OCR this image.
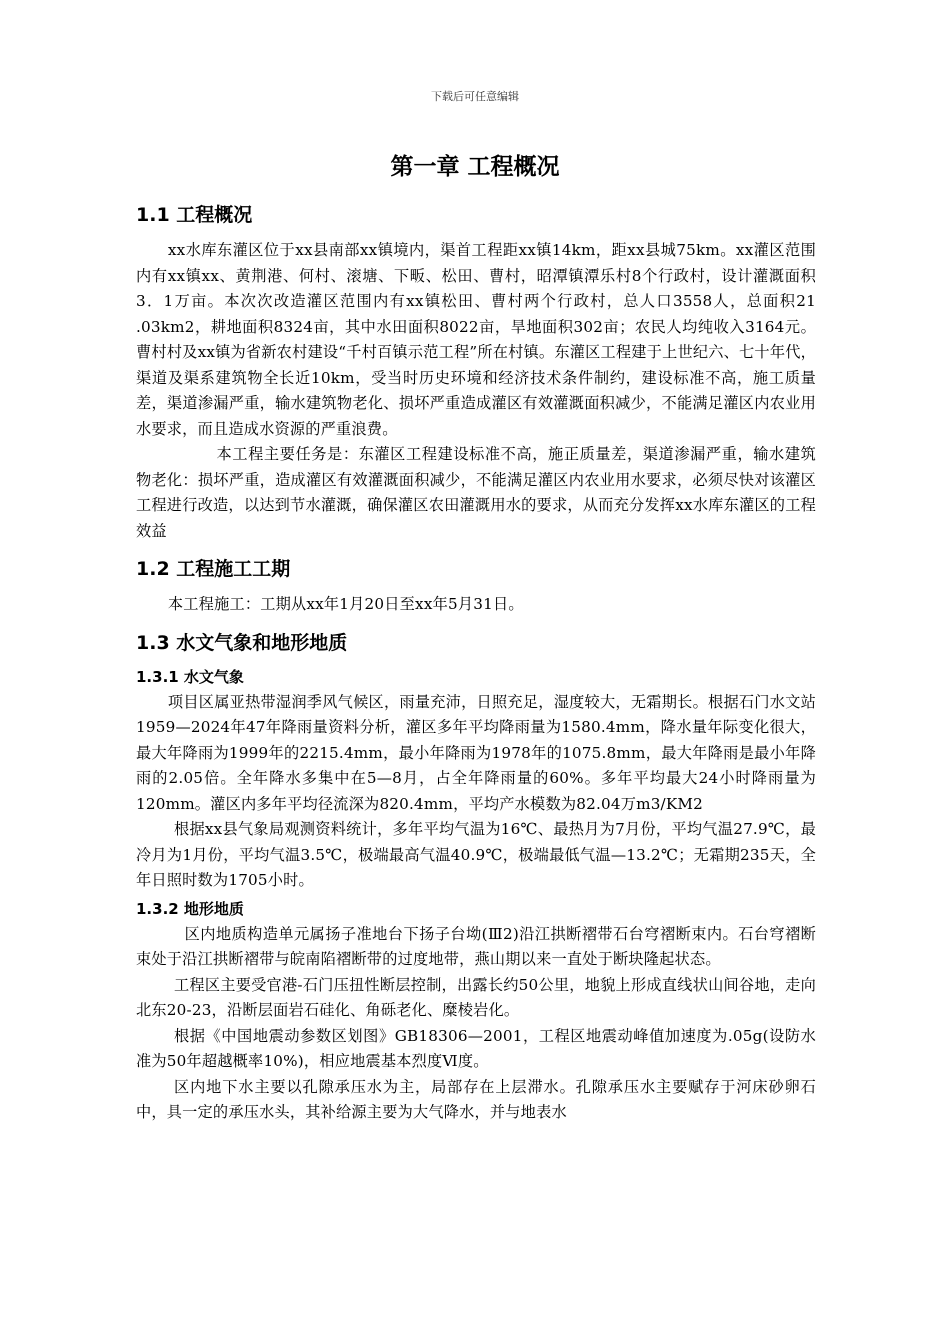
下载后可任意编辑
第一章 工程概况
1.1 工程概况

xx水库东灌区位于xx县南部xx镇境内，渠首工程距xx镇14km，距xx县城75km。xx灌区范围内有xx镇xx、黄荆港、何村、滚塘、下畈、松田、曹村，昭潭镇潭乐村8个行政村，设计灌溉面积3．1万亩。本次次改造灌区范围内有xx镇松田、曹村两个行政村，总人口3558人，总面积21 .03km2，耕地面积8324亩，其中水田面积8022亩，旱地面积302亩；农民人均纯收入3164元。曹村村及xx镇为省新农村建设“千村百镇示范工程”所在村镇。东灌区工程建于上世纪六、七十年代，渠道及渠系建筑物全长近10km，受当时历史环境和经济技术条件制约，建设标准不高，施工质量差，渠道渗漏严重，输水建筑物老化、损坏严重造成灌区有效灌溉面积减少，不能满足灌区内农业用水要求，而且造成水资源的严重浪费。

本工程主要任务是：东灌区工程建设标准不高，施正质量差，渠道渗漏严重，输水建筑物老化：损坏严重，造成灌区有效灌溉面积减少，不能满足灌区内农业用水要求，必须尽快对该灌区工程进行改造，以达到节水灌溉，确保灌区农田灌溉用水的要求，从而充分发挥xx水库东灌区的工程效益

1.2 工程施工工期

本工程施工：工期从xx年1月20日至xx年5月31日。

1.3 水文气象和地形地质
1.3.1 水文气象

项目区属亚热带湿润季风气候区，雨量充沛，日照充足，湿度较大，无霜期长。根据石门水文站1959—2024年47年降雨量资料分析，灌区多年平均降雨量为1580.4mm，降水量年际变化很大，最大年降雨为1999年的2215.4mm，最小年降雨为1978年的1075.8mm，最大年降雨是最小年降雨的2.05倍。全年降水多集中在5—8月，占全年降雨量的60%。多年平均最大24小时降雨量为120mm。灌区内多年平均径流深为820.4mm，平均产水模数为82.04万m3/KM2

根据xx县气象局观测资料统计，多年平均气温为16℃、最热月为7月份，平均气温27.9℃，最冷月为1月份，平均气温3.5℃，极端最高气温40.9℃，极端最低气温—13.2℃；无霜期235天，全年日照时数为1705小时。

1.3.2 地形地质

区内地质构造单元属扬子准地台下扬子台坳(Ⅲ2)沿江拱断褶带石台穹褶断束内。石台穹褶断束处于沿江拱断褶带与皖南陷褶断带的过度地带，燕山期以来一直处于断块隆起状态。

工程区主要受官港-石门压扭性断层控制，出露长约50公里，地貌上形成直线状山间谷地，走向北东20-23，沿断层面岩石硅化、角砾老化、糜棱岩化。

根据《中国地震动参数区划图》GB18306—2001，工程区地震动峰值加速度为.05g(设防水准为50年超越概率10%)，相应地震基本烈度Ⅵ度。

区内地下水主要以孔隙承压水为主，局部存在上层滞水。孔隙承压水主要赋存于河床砂卵石中，具一定的承压水头，其补给源主要为大气降水，并与地表水
